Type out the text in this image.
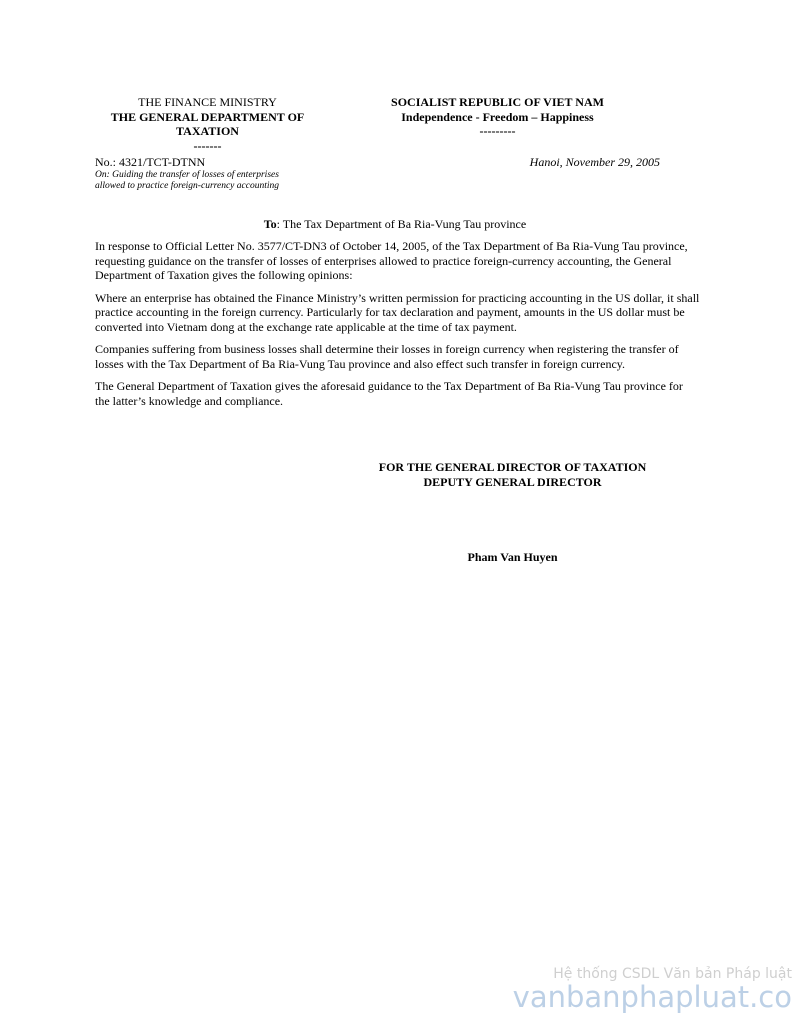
THE FINANCE MINISTRY
THE GENERAL DEPARTMENT OF
TAXATION
-------
SOCIALIST REPUBLIC OF VIET NAM
Independence - Freedom – Happiness
---------
No.: 4321/TCT-DTNN
On: Guiding the transfer of losses of enterprises
allowed to practice foreign-currency accounting
Hanoi, November 29, 2005
To: The Tax Department of Ba Ria-Vung Tau province

In response to Official Letter No. 3577/CT-DN3 of October 14, 2005, of the Tax Department of Ba Ria-Vung Tau province, requesting guidance on the transfer of losses of enterprises allowed to practice foreign-currency accounting, the General Department of Taxation gives the following opinions:

Where an enterprise has obtained the Finance Ministry’s written permission for practicing accounting in the US dollar, it shall practice accounting in the foreign currency. Particularly for tax declaration and payment, amounts in the US dollar must be converted into Vietnam dong at the exchange rate applicable at the time of tax payment.

Companies suffering from business losses shall determine their losses in foreign currency when registering the transfer of losses with the Tax Department of Ba Ria-Vung Tau province and also effect such transfer in foreign currency.

The General Department of Taxation gives the aforesaid guidance to the Tax Department of Ba Ria-Vung Tau province for the latter’s knowledge and compliance.

FOR THE GENERAL DIRECTOR OF TAXATION
DEPUTY GENERAL DIRECTOR
Pham Van Huyen
Hệ thống CSDL Văn bản Pháp luật
vanbanphapluat.co
